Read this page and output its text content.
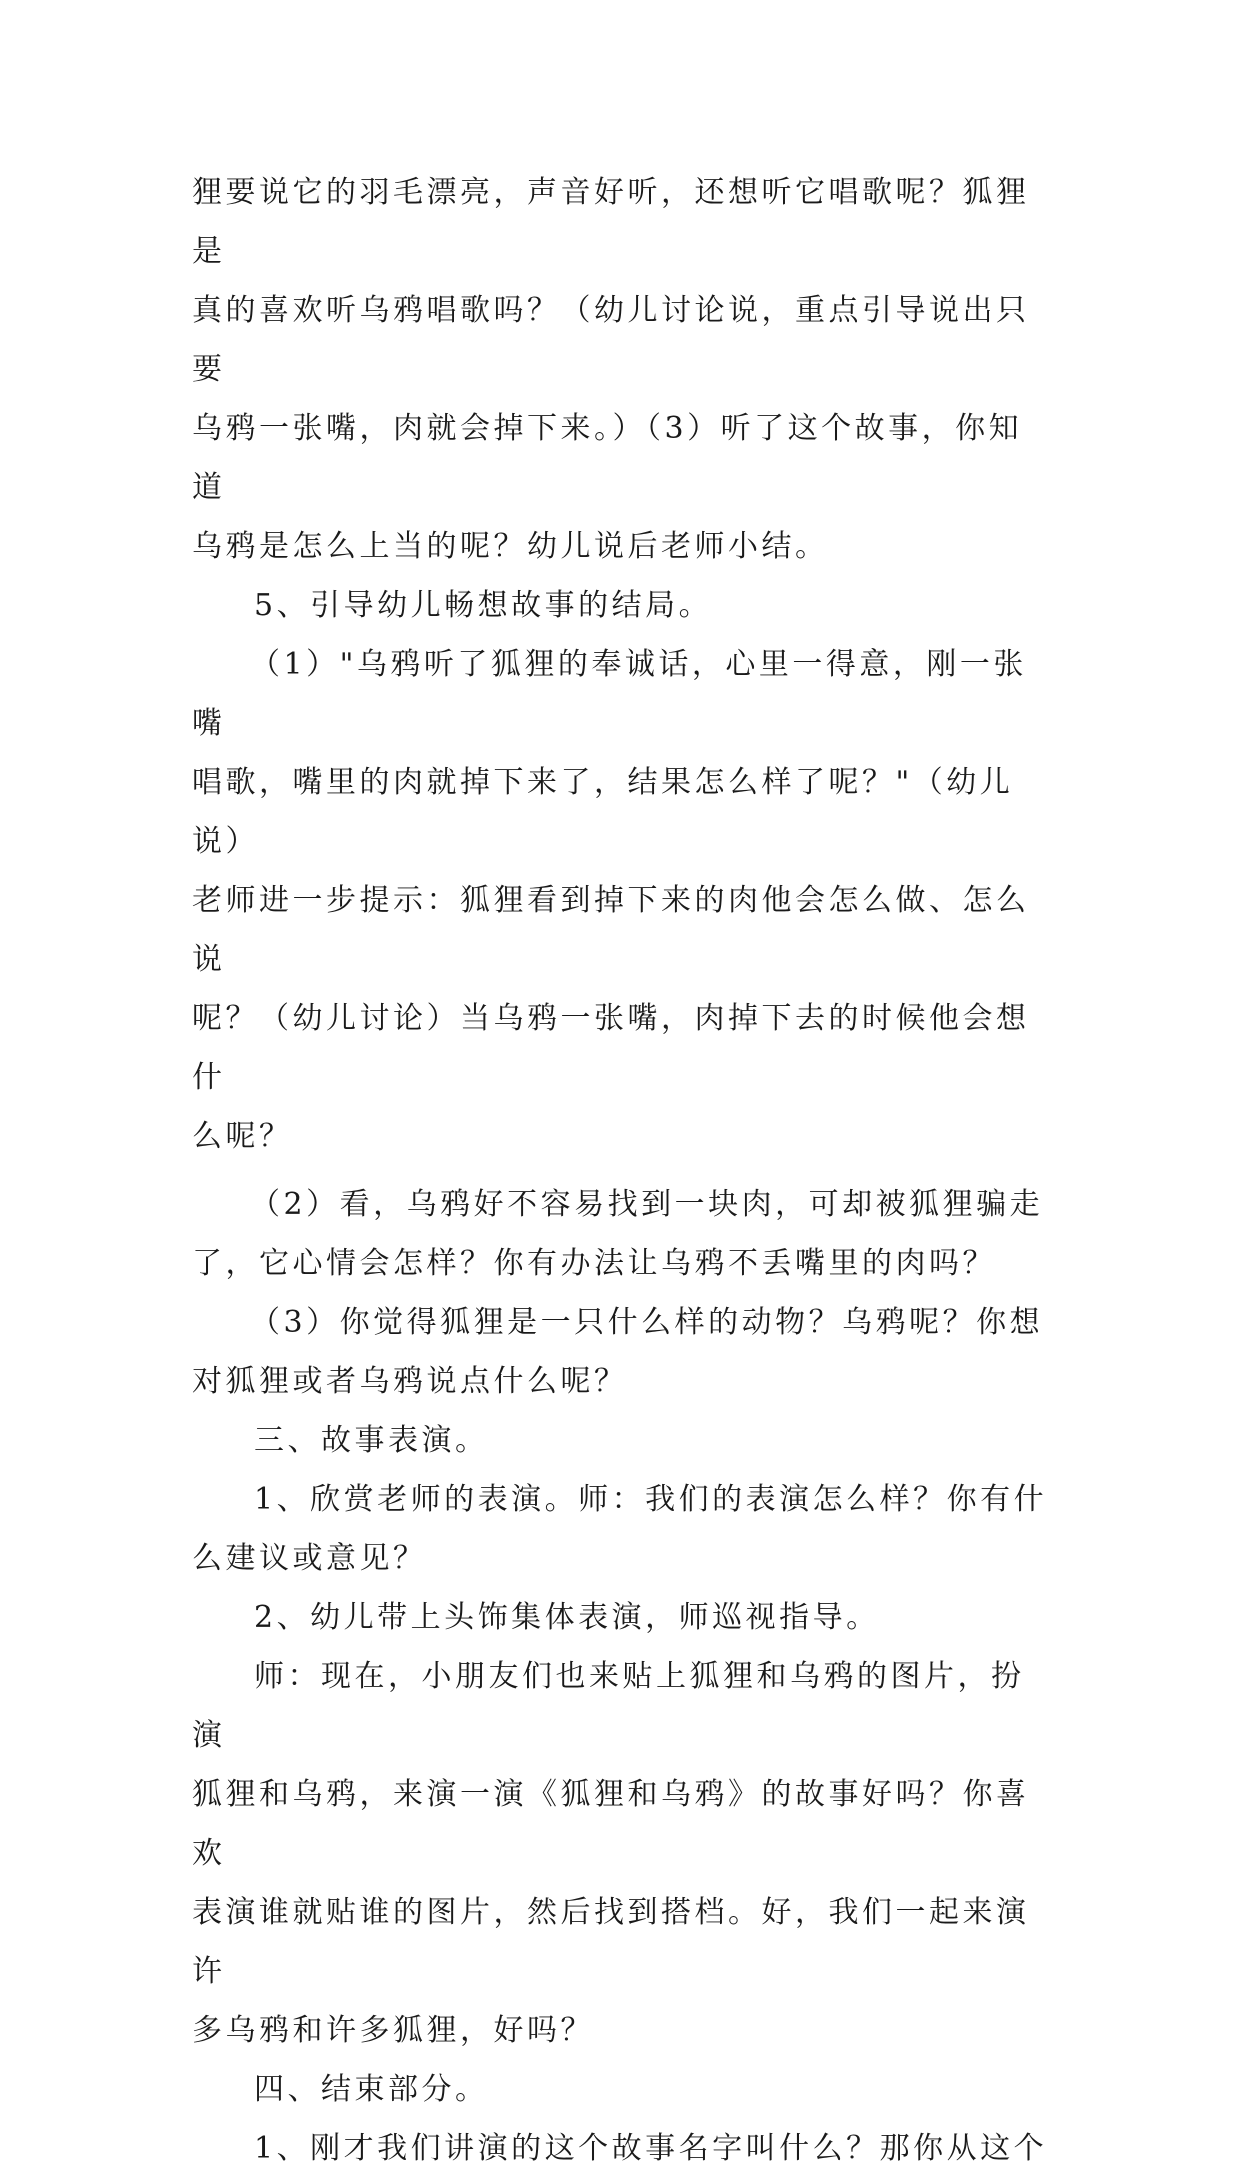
狸要说它的羽毛漂亮，声音好听，还想听它唱歌呢？狐狸是
真的喜欢听乌鸦唱歌吗？（幼儿讨论说，重点引导说出只要
乌鸦一张嘴，肉就会掉下来。）（3）听了这个故事，你知道
乌鸦是怎么上当的呢？幼儿说后老师小结。

5、引导幼儿畅想故事的结局。

（1）"乌鸦听了狐狸的奉诚话，心里一得意，刚一张嘴
唱歌，嘴里的肉就掉下来了，结果怎么样了呢？"（幼儿说）
老师进一步提示：狐狸看到掉下来的肉他会怎么做、怎么说
呢？（幼儿讨论）当乌鸦一张嘴，肉掉下去的时候他会想什
么呢？

（2）看，乌鸦好不容易找到一块肉，可却被狐狸骗走
了，它心情会怎样？你有办法让乌鸦不丢嘴里的肉吗？

（3）你觉得狐狸是一只什么样的动物？乌鸦呢？你想
对狐狸或者乌鸦说点什么呢？

三、故事表演。

1、欣赏老师的表演。师：我们的表演怎么样？你有什
么建议或意见？

2、幼儿带上头饰集体表演，师巡视指导。

师：现在，小朋友们也来贴上狐狸和乌鸦的图片，扮演
狐狸和乌鸦，来演一演《狐狸和乌鸦》的故事好吗？你喜欢
表演谁就贴谁的图片，然后找到搭档。好，我们一起来演许
多乌鸦和许多狐狸，好吗？

四、结束部分。

1、刚才我们讲演的这个故事名字叫什么？那你从这个
